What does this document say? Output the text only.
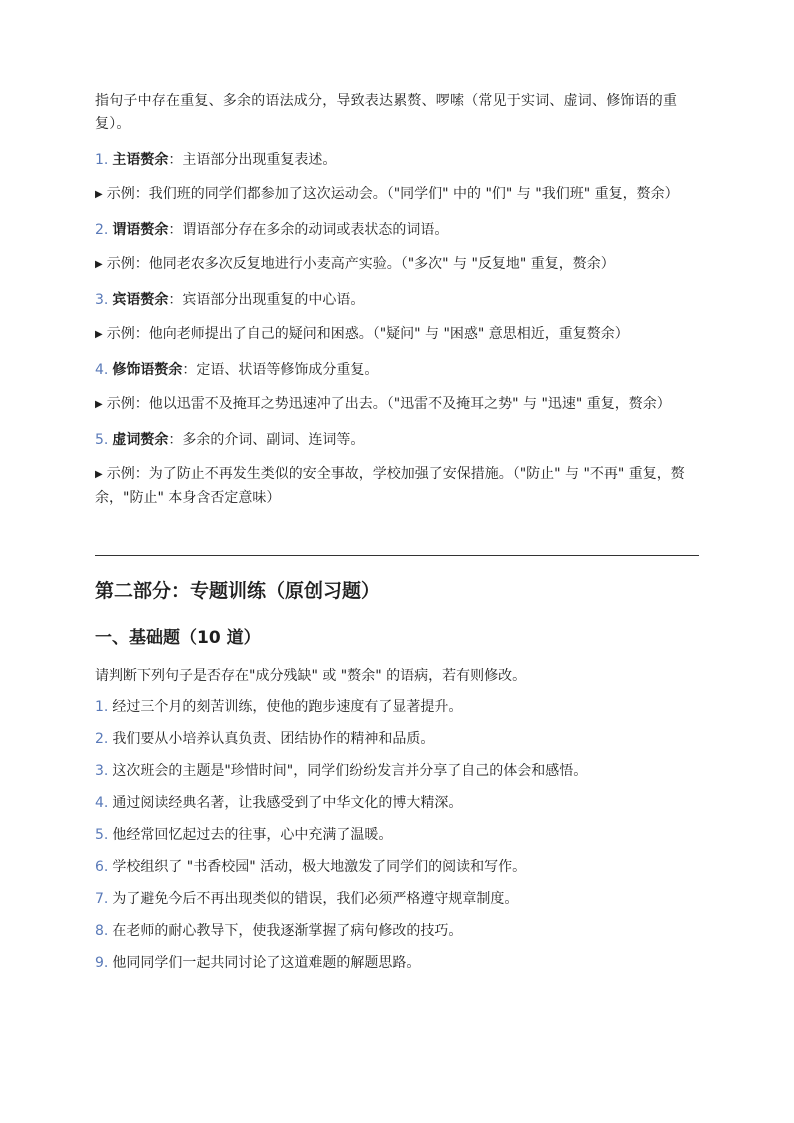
指句子中存在重复、多余的语法成分，导致表达累赘、啰嗦（常见于实词、虚词、修饰语的重复）。

1. 主语赘余：主语部分出现重复表述。

▶ 示例：我们班的同学们都参加了这次运动会。（"同学们" 中的 "们" 与 "我们班" 重复，赘余）

2. 谓语赘余：谓语部分存在多余的动词或表状态的词语。

▶ 示例：他同老农多次反复地进行小麦高产实验。（"多次" 与 "反复地" 重复，赘余）

3. 宾语赘余：宾语部分出现重复的中心语。

▶ 示例：他向老师提出了自己的疑问和困惑。（"疑问" 与 "困惑" 意思相近，重复赘余）

4. 修饰语赘余：定语、状语等修饰成分重复。

▶ 示例：他以迅雷不及掩耳之势迅速冲了出去。（"迅雷不及掩耳之势" 与 "迅速" 重复，赘余）

5. 虚词赘余：多余的介词、副词、连词等。

▶ 示例：为了防止不再发生类似的安全事故，学校加强了安保措施。（"防止" 与 "不再" 重复，赘余，"防止" 本身含否定意味）

第二部分：专题训练（原创习题）
一、基础题（10 道）

请判断下列句子是否存在"成分残缺" 或 "赘余" 的语病，若有则修改。

1. 经过三个月的刻苦训练，使他的跑步速度有了显著提升。

2. 我们要从小培养认真负责、团结协作的精神和品质。

3. 这次班会的主题是"珍惜时间"，同学们纷纷发言并分享了自己的体会和感悟。

4. 通过阅读经典名著，让我感受到了中华文化的博大精深。

5. 他经常回忆起过去的往事，心中充满了温暖。

6. 学校组织了 "书香校园" 活动，极大地激发了同学们的阅读和写作。

7. 为了避免今后不再出现类似的错误，我们必须严格遵守规章制度。

8. 在老师的耐心教导下，使我逐渐掌握了病句修改的技巧。

9. 他同同学们一起共同讨论了这道难题的解题思路。
